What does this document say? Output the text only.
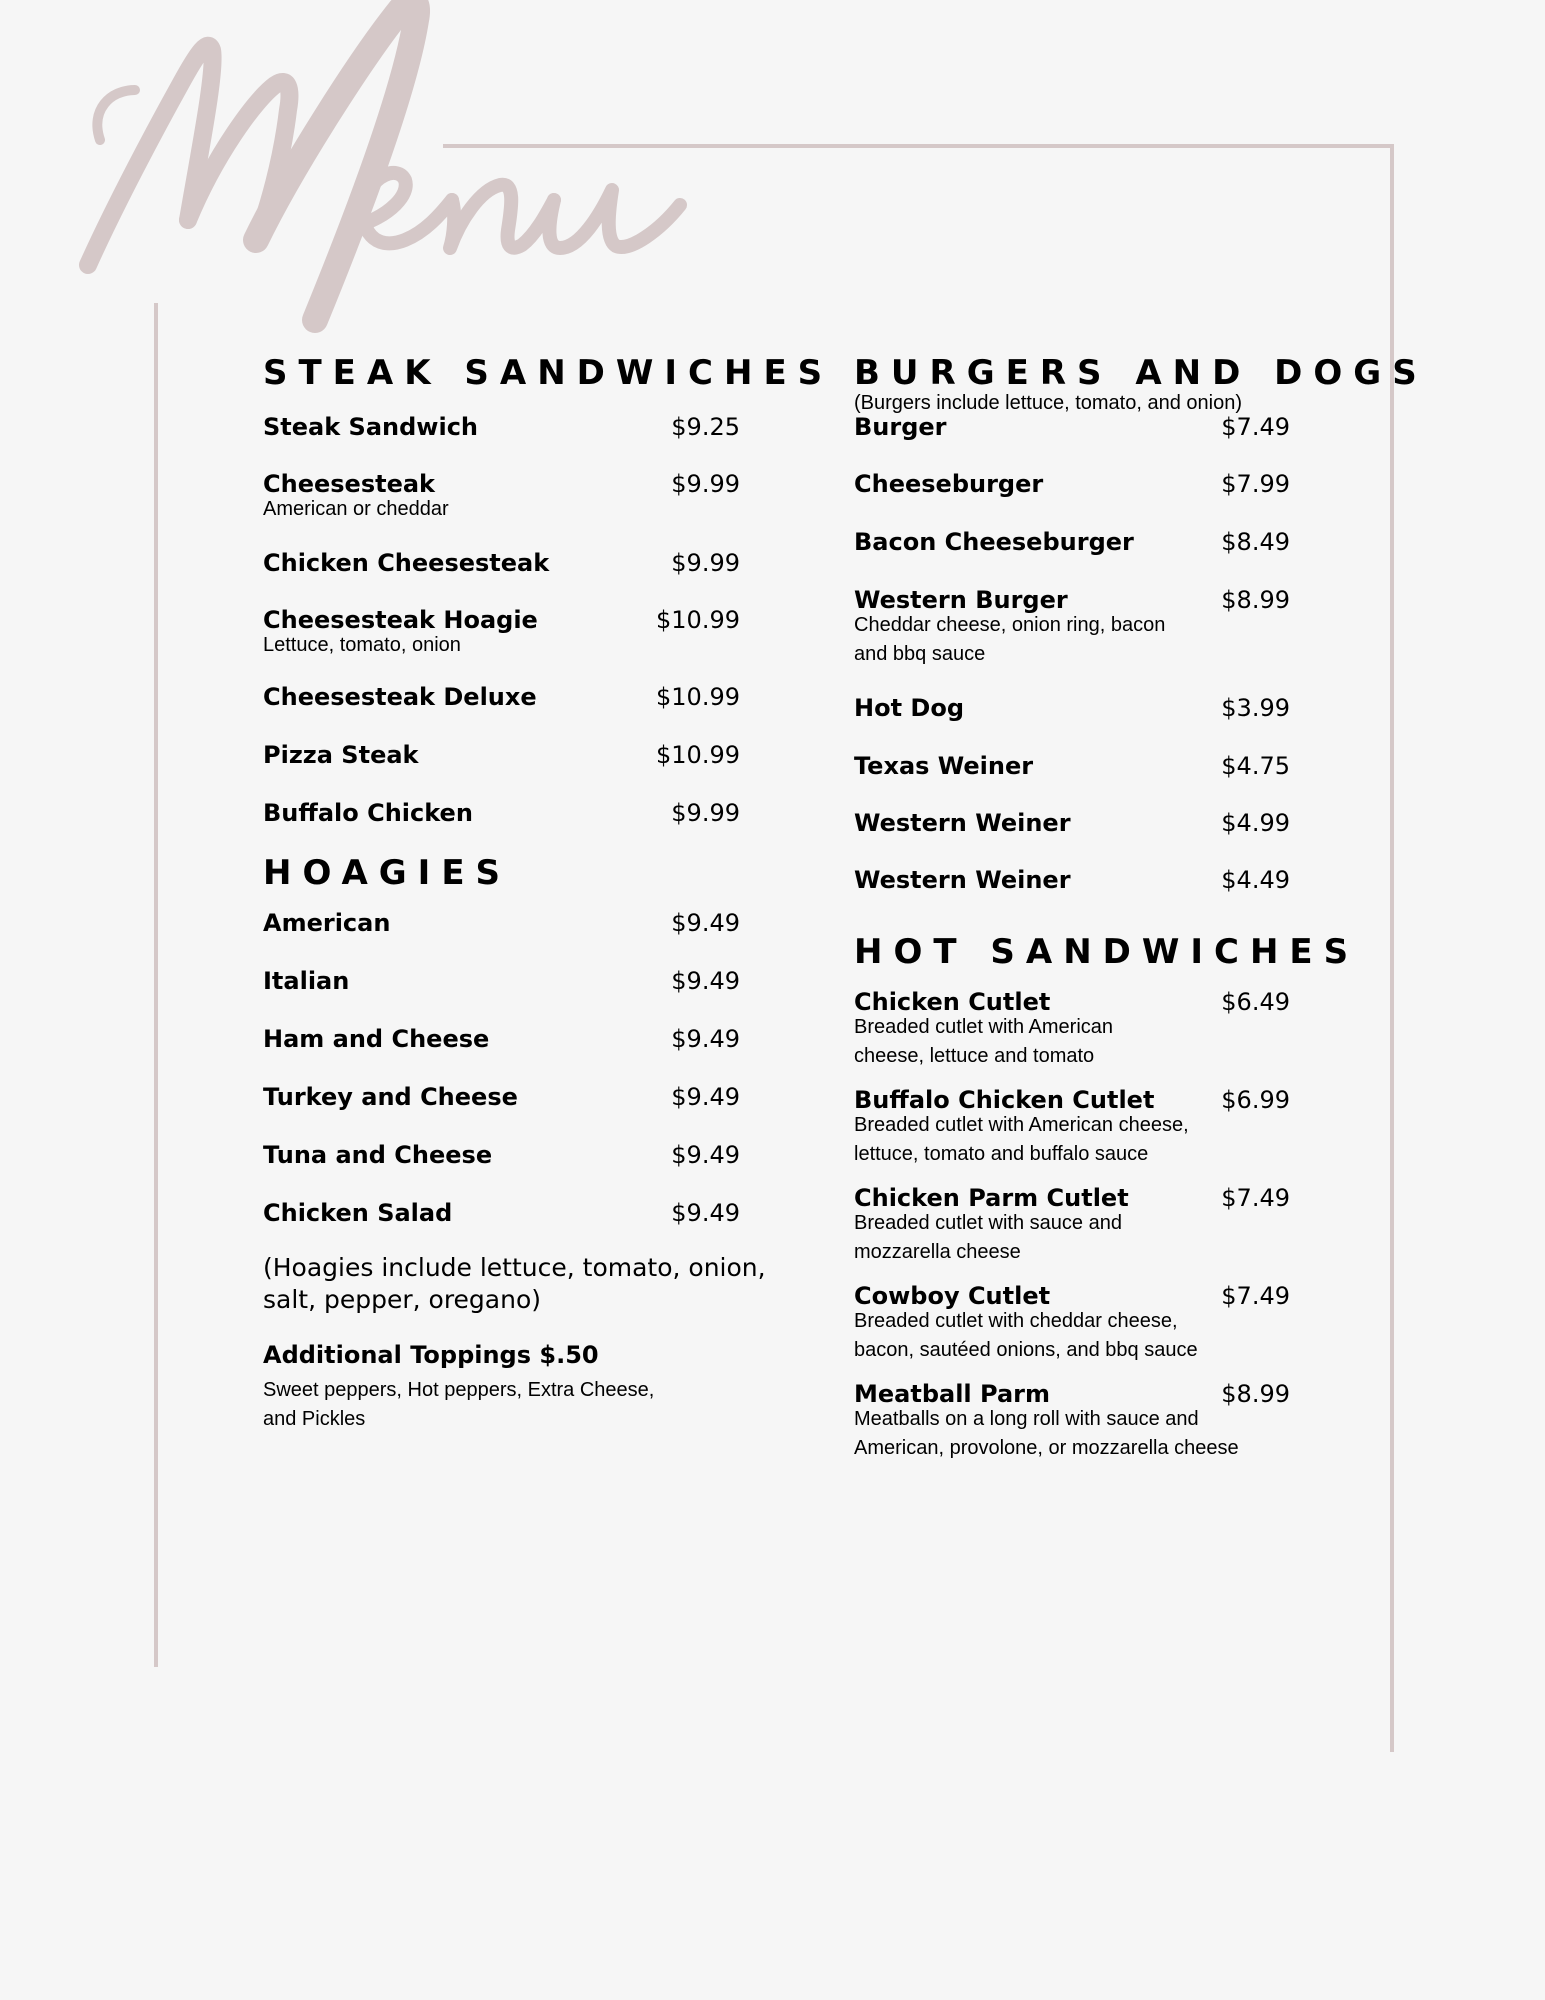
STEAK SANDWICHES
Steak Sandwich	$9.25
Cheesesteak	$9.99
American or cheddar
Chicken Cheesesteak	$9.99
Cheesesteak Hoagie	$10.99
Lettuce, tomato, onion
Cheesesteak Deluxe	$10.99
Pizza Steak	$10.99
Buffalo Chicken	$9.99
HOAGIES
American	$9.49
Italian	$9.49
Ham and Cheese	$9.49
Turkey and Cheese	$9.49
Tuna and Cheese	$9.49
Chicken Salad	$9.49

(Hoagies include lettuce, tomato, onion, salt, pepper, oregano)

Additional Toppings $.50

Sweet peppers, Hot peppers, Extra Cheese, and Pickles

BURGERS AND DOGS

(Burgers include lettuce, tomato, and onion)

Burger	$7.49
Cheeseburger	$7.99
Bacon Cheeseburger	$8.49
Western Burger	$8.99
Cheddar cheese, onion ring, bacon and bbq sauce
Hot Dog	$3.99
Texas Weiner	$4.75
Western Weiner	$4.99
Western Weiner	$4.49
HOT SANDWICHES
Chicken Cutlet	$6.49
Breaded cutlet with American cheese, lettuce and tomato
Buffalo Chicken Cutlet	$6.99
Breaded cutlet with American cheese, lettuce, tomato and buffalo sauce
Chicken Parm Cutlet	$7.49
Breaded cutlet with sauce and mozzarella cheese
Cowboy Cutlet	$7.49
Breaded cutlet with cheddar cheese, bacon, sautéed onions, and bbq sauce
Meatball Parm	$8.99
Meatballs on a long roll with sauce and American, provolone, or mozzarella cheese
